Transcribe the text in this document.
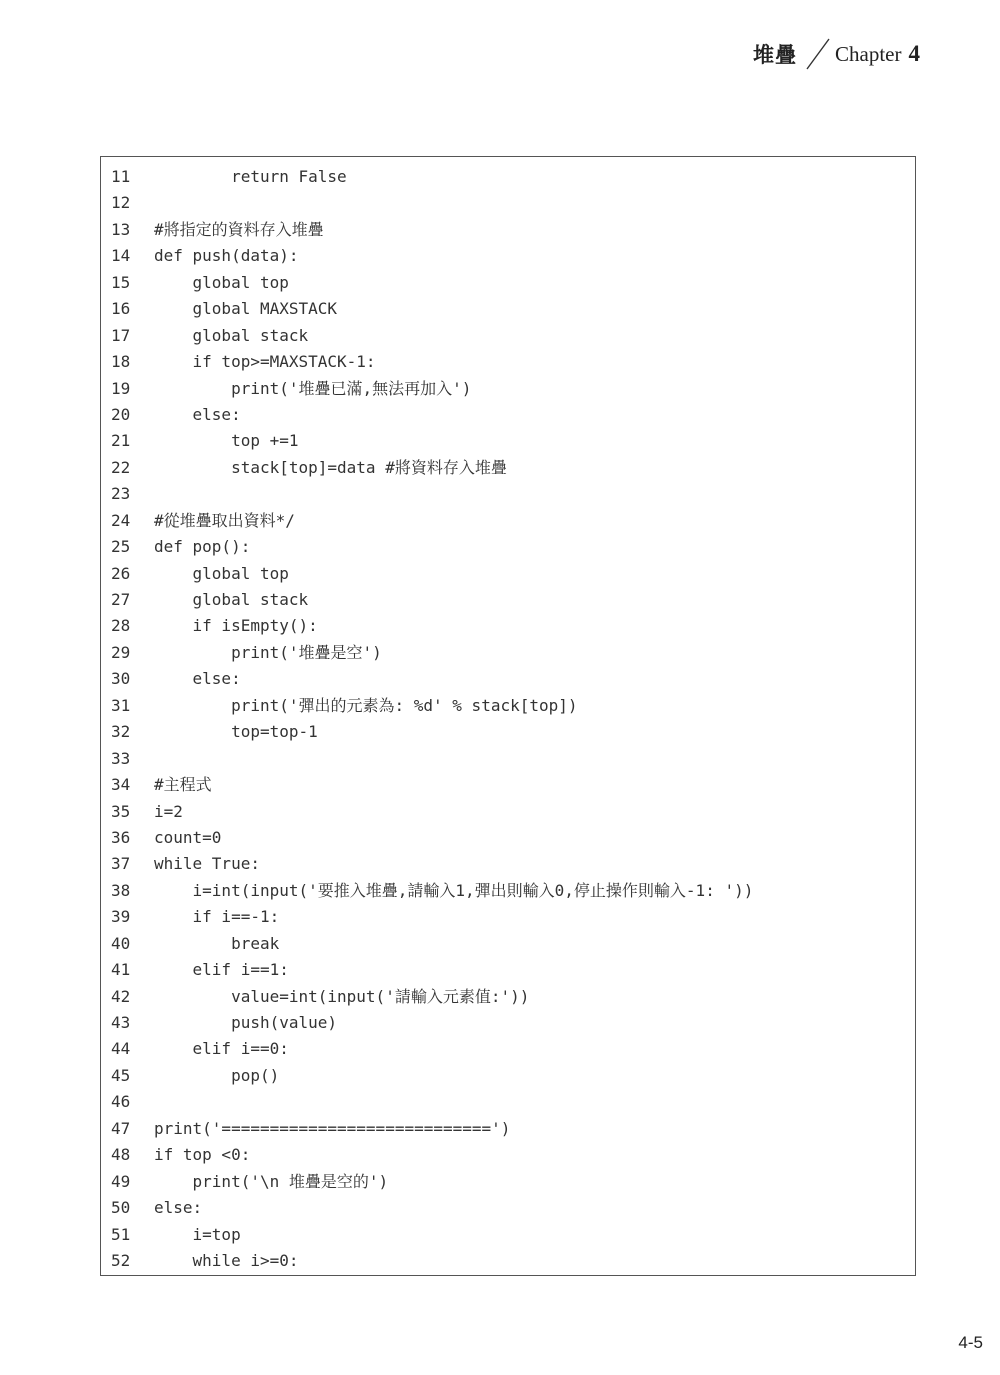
堆疊 Chapter 4
11	return False
12
13	#將指定的資料存入堆疊
14	def push(data):
15	global top
16	global MAXSTACK
17	global stack
18	if top>=MAXSTACK-1:
19	print('堆疊已滿,無法再加入')
20	else:
21	top +=1
22	stack[top]=data #將資料存入堆疊
23
24	#從堆疊取出資料*/
25	def pop():
26	global top
27	global stack
28	if isEmpty():
29	print('堆疊是空')
30	else:
31	print('彈出的元素為: %d' % stack[top])
32	top=top-1
33
34	#主程式
35	i=2
36	count=0
37	while True:
38	i=int(input('要推入堆疊,請輸入1,彈出則輸入0,停止操作則輸入-1: '))
39	if i==-1:
40	break
41	elif i==1:
42	value=int(input('請輸入元素值:'))
43	push(value)
44	elif i==0:
45	pop()
46
47	print('============================')
48	if top <0:
49	print('\n 堆疊是空的')
50	else:
51	i=top
52	while i>=0:
4-5
